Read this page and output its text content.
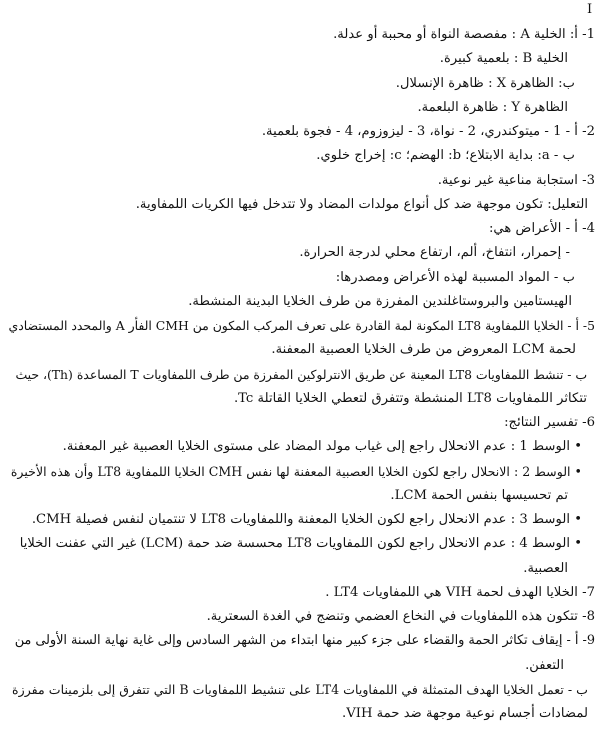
I
1- أ: الخلية A : مفصصة النواة أو محببة أو عدلة.
الخلية B : بلعمية كبيرة.
ب: الظاهرة X : ظاهرة الإنسلال.
الظاهرة Y : ظاهرة البلعمة.
2- أ - 1 - ميتوكندري، 2 - نواة، 3 - ليزوزوم، 4 - فجوة بلعمية.
ب - a: بداية الابتلاع؛ b: الهضم؛ c: إخراج خلوي.
3- استجابة مناعية غير نوعية.
التعليل: تكون موجهة ضد كل أنواع مولدات المضاد ولا تتدخل فيها الكريات اللمفاوية.
4- أ - الأعراض هي:
- إحمرار، انتفاخ، ألم، ارتفاع محلي لدرجة الحرارة.
ب - المواد المسببة لهذه الأعراض ومصدرها:
الهيستامين والبروستاغلندين المفرزة من طرف الخلايا البدينة المنشطة.
5- أ - الخلايا اللمفاوية LT8 المكونة لمة القادرة على تعرف المركب المكون من CMH الفأر A والمحدد المستضادي
لحمة LCM المعروض من طرف الخلايا العصبية المعفنة.
ب - تنشط اللمفاويات LT8 المعينة عن طريق الانترلوكين المفرزة من طرف اللمفاويات T المساعدة (Th)، حيث
تتكاثر اللمفاويات LT8 المنشطة وتتفرق لتعطي الخلايا القاتلة Tc.
6- تفسير النتائج:
• الوسط 1 : عدم الانحلال راجع إلى غياب مولد المضاد على مستوى الخلايا العصبية غير المعفنة.
• الوسط 2 : الانحلال راجع لكون الخلايا العصبية المعفنة لها نفس CMH الخلايا اللمفاوية LT8 وأن هذه الأخيرة
تم تحسيسها بنفس الحمة LCM.
• الوسط 3 : عدم الانحلال راجع لكون الخلايا المعفنة واللمفاويات LT8 لا تنتميان لنفس فصيلة CMH.
• الوسط 4 : عدم الانحلال راجع لكون اللمفاويات LT8 محسسة ضد حمة (LCM) غير التي عفنت الخلايا
العصبية.
7- الخلايا الهدف لحمة VIH هي اللمفاويات LT4 .
8- تتكون هذه اللمفاويات في النخاع العضمي وتنضج في الغدة السعترية.
9- أ - إيقاف تكاثر الحمة والقضاء على جزء كبير منها ابتداء من الشهر السادس وإلى غاية نهاية السنة الأولى من
التعفن.
ب - تعمل الخلايا الهدف المتمثلة في اللمفاويات LT4 على تنشيط اللمفاويات B التي تتفرق إلى بلزمينات مفرزة
لمضادات أجسام نوعية موجهة ضد حمة VIH.
